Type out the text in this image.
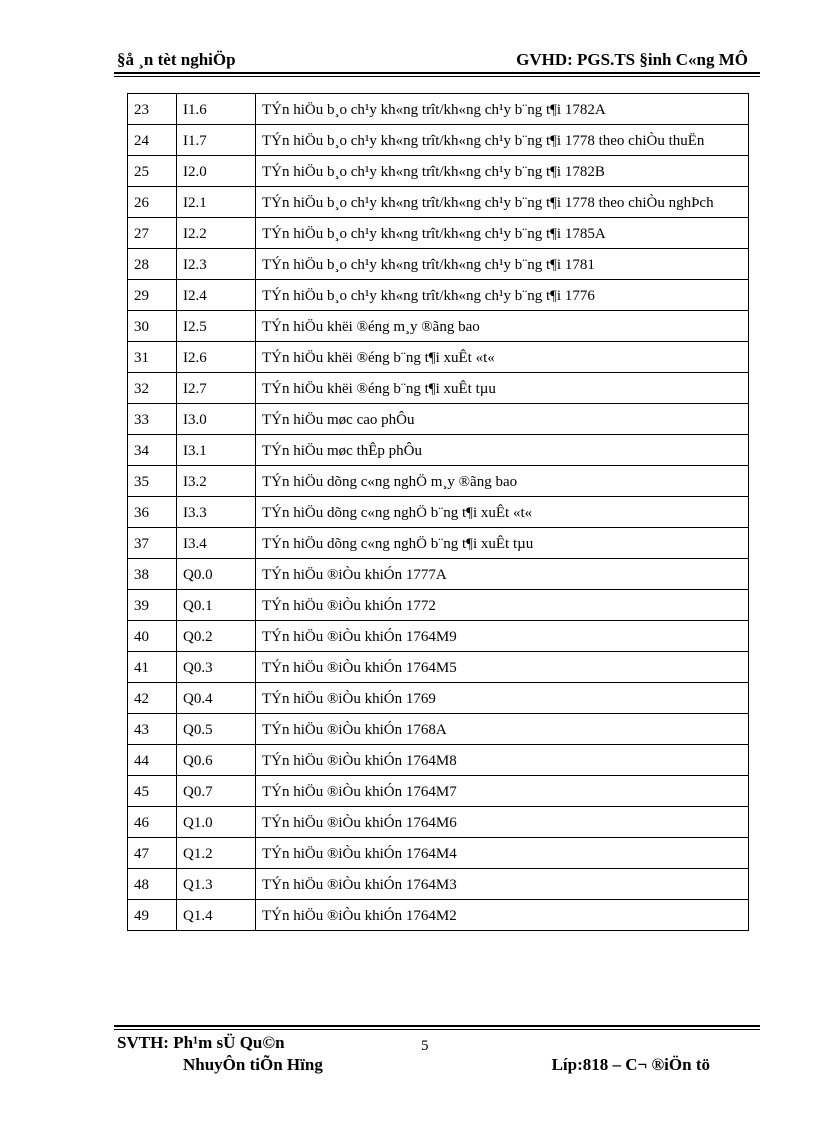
§å ¸n tèt nghiÖp	GVHD: PGS.TS §inh C«ng MÔ
23	I1.6	TÝn hiÖu b¸o ch¹y kh«ng trît/kh«ng ch¹y b¨ng t¶i 1782A
24	I1.7	TÝn hiÖu b¸o ch¹y kh«ng trît/kh«ng ch¹y b¨ng t¶i 1778 theo chiÒu thuËn
25	I2.0	TÝn hiÖu b¸o ch¹y kh«ng trît/kh«ng ch¹y b¨ng t¶i 1782B
26	I2.1	TÝn hiÖu b¸o ch¹y kh«ng trît/kh«ng ch¹y b¨ng t¶i 1778 theo chiÒu nghÞch
27	I2.2	TÝn hiÖu b¸o ch¹y kh«ng trît/kh«ng ch¹y b¨ng t¶i 1785A
28	I2.3	TÝn hiÖu b¸o ch¹y kh«ng trît/kh«ng ch¹y b¨ng t¶i 1781
29	I2.4	TÝn hiÖu b¸o ch¹y kh«ng trît/kh«ng ch¹y b¨ng t¶i 1776
30	I2.5	TÝn hiÖu khëi ®éng m¸y ®ãng bao
31	I2.6	TÝn hiÖu khëi ®éng b¨ng t¶i xuÊt «t«
32	I2.7	TÝn hiÖu khëi ®éng b¨ng t¶i xuÊt tµu
33	I3.0	TÝn hiÖu møc cao phÔu
34	I3.1	TÝn hiÖu møc thÊp phÔu
35	I3.2	TÝn hiÖu dõng c«ng nghÖ m¸y ®ãng bao
36	I3.3	TÝn hiÖu dõng c«ng nghÖ b¨ng t¶i xuÊt «t«
37	I3.4	TÝn hiÖu dõng c«ng nghÖ b¨ng t¶i xuÊt tµu
38	Q0.0	TÝn hiÖu ®iÒu khiÓn 1777A
39	Q0.1	TÝn hiÖu ®iÒu khiÓn 1772
40	Q0.2	TÝn hiÖu ®iÒu khiÓn 1764M9
41	Q0.3	TÝn hiÖu ®iÒu khiÓn 1764M5
42	Q0.4	TÝn hiÖu ®iÒu khiÓn 1769
43	Q0.5	TÝn hiÖu ®iÒu khiÓn 1768A
44	Q0.6	TÝn hiÖu ®iÒu khiÓn 1764M8
45	Q0.7	TÝn hiÖu ®iÒu khiÓn 1764M7
46	Q1.0	TÝn hiÖu ®iÒu khiÓn 1764M6
47	Q1.2	TÝn hiÖu ®iÒu khiÓn 1764M4
48	Q1.3	TÝn hiÖu ®iÒu khiÓn 1764M3
49	Q1.4	TÝn hiÖu ®iÒu khiÓn 1764M2
SVTH: Ph¹m sÜ Qu©n
NhuyÔn tiÕn Hïng
5
Líp:818 – C¬ ®iÖn tö
